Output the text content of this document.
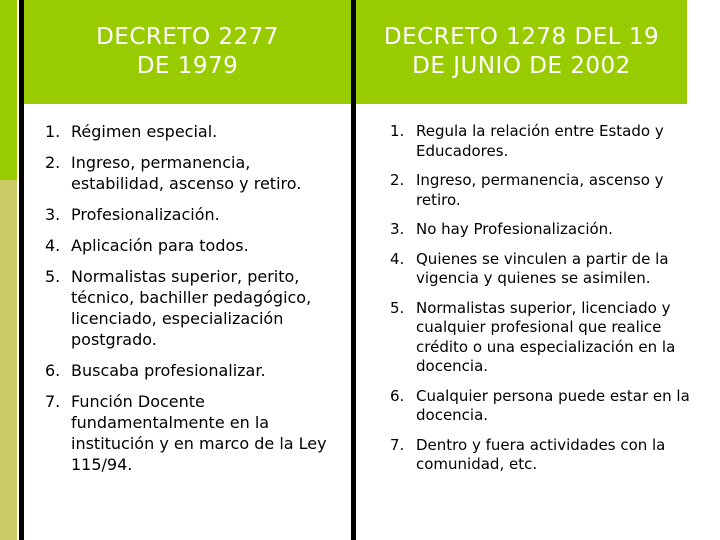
DECRETO 2277
DE 1979
DECRETO 1278 DEL 19
DE JUNIO DE 2002
1. Régimen especial.
2. Ingreso, permanencia, estabilidad, ascenso y retiro.
3. Profesionalización.
4. Aplicación para todos.
5. Normalistas superior, perito, técnico, bachiller pedagógico, licenciado, especialización postgrado.
6. Buscaba profesionalizar.
7. Función Docente fundamentalmente en la institución y en marco de la Ley 115/94.
1. Regula la relación entre Estado y Educadores.
2. Ingreso, permanencia, ascenso y retiro.
3. No hay Profesionalización.
4. Quienes se vinculen a partir de la vigencia y quienes se asimilen.
5. Normalistas superior, licenciado y cualquier profesional que realice crédito o una especialización en la docencia.
6. Cualquier persona puede estar en la docencia.
7. Dentro y fuera actividades con la comunidad, etc.
